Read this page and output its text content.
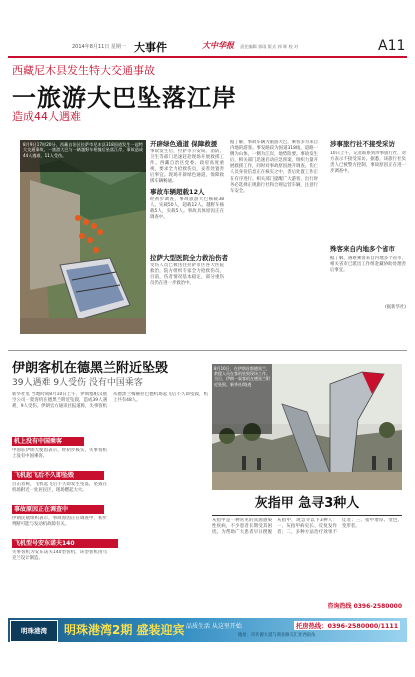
2014年8月11日 星期一 大事件	大中华报 责任编辑 郭雨 版式 郭 辉 校 对	A11
西藏尼木县发生特大交通事故
一旅游大巴坠落江岸
造成44人遇难
8月9日17时20分，西藏自治区拉萨市尼木县318国道发生一起特大交通事故，一旅游大巴与一辆越野车相撞后坠落江岸，事故造成44人遇难，11人受伤。
开辟绿色通道 保障救援
事故发生后，拉萨市公安局、消防、卫生等部门迅速赶赴现场开展救援工作。西藏自治区党委、政府高度重视，要求全力抢救伤员，妥善处置善后事宜。现场开辟绿色通道，保障救援车辆畅通。
事故车辆超载12人
经初步调查，事故旅游大巴核载38人，实载50人，超载12人。越野车核载5人，实载5人。事故具体原因正在调查中。
拉萨大型医院全力救治伤者
受伤人员已被送往拉萨市区各大医院救治，院方组织专家全力抢救伤员。目前，伤者情况基本稳定，部分重伤员仍在进一步救治中。
据了解，事故车辆为旅游大巴，乘客多为来自内地的游客。事发路段为国道318线，道路一侧为山体，一侧为江岸，地势险要。事故发生后，相关部门迅速启动应急预案，组织力量开展救援工作，同时对事故原因展开调查。伤亡人员身份信息正在核实之中，善后处置工作正在有序进行。相关部门提醒广大游客，出行时务必选择正规旅行社和合规运营车辆，注意行车安全。
涉事旅行社不接受采访
10日上午，记者联系到涉事旅行社，对方表示不接受采访。据悉，该旅行社负责人已被警方控制，事故原因正在进一步调查中。
殊客来自内地多个省市
据了解，遇难乘客来自内地多个省市，相关省市已派出工作组赴藏协助处理善后事宜。
(据新华社)
伊朗客机在德黑兰附近坠毁
39人遇难 9人受伤 没有中国乘客
新华社电 当地时间8月10日上午，伊朗塞帕汉航空公司一架客机在德黑兰附近坠毁，造成39人遇难，9人受伤。伊朗官方通讯社报道称，失事客机从德黑兰梅赫拉巴德机场起飞后不久即坠毁，机上共有48人。
机上没有中国乘客
中国驻伊朗大使馆表示，经初步核实，失事客机上没有中国乘客。
飞机起飞后不久即坠毁
目击者称，飞机起飞后不久即发生坠落，坠毁在机场附近一处居民区，现场燃起大火。
事故原因正在调查中
伊朗民航组织表示，事故原因正在调查中，初步判断可能与发动机故障有关。
飞机型号安东诺夫140
失事客机为安东诺夫140型客机，该型客机由乌克兰设计制造。
8月10日，在伊朗首都德黑兰，救援人员在客机坠毁现场工作。当日，伊朗一架客机在德黑兰附近坠毁。新华社/路透
灰指甲 急寻3种人
灰指甲是一种常见的真菌感染性疾病，不少患者长期受其困扰。为帮助广大患者早日摆脱灰指甲，现急寻以下3种人：一、灰指甲病史长、反复发作者；二、多种方法治疗效果不佳者；三、指甲增厚、变色、变形者。
咨询热线 0396-2580000
明珠港湾	明珠港湾2期 盛装迎宾 品质生活 从这里开始	托房热线：0396-2580000/1111
地址：市开源大道与商业路交汇处西南角
